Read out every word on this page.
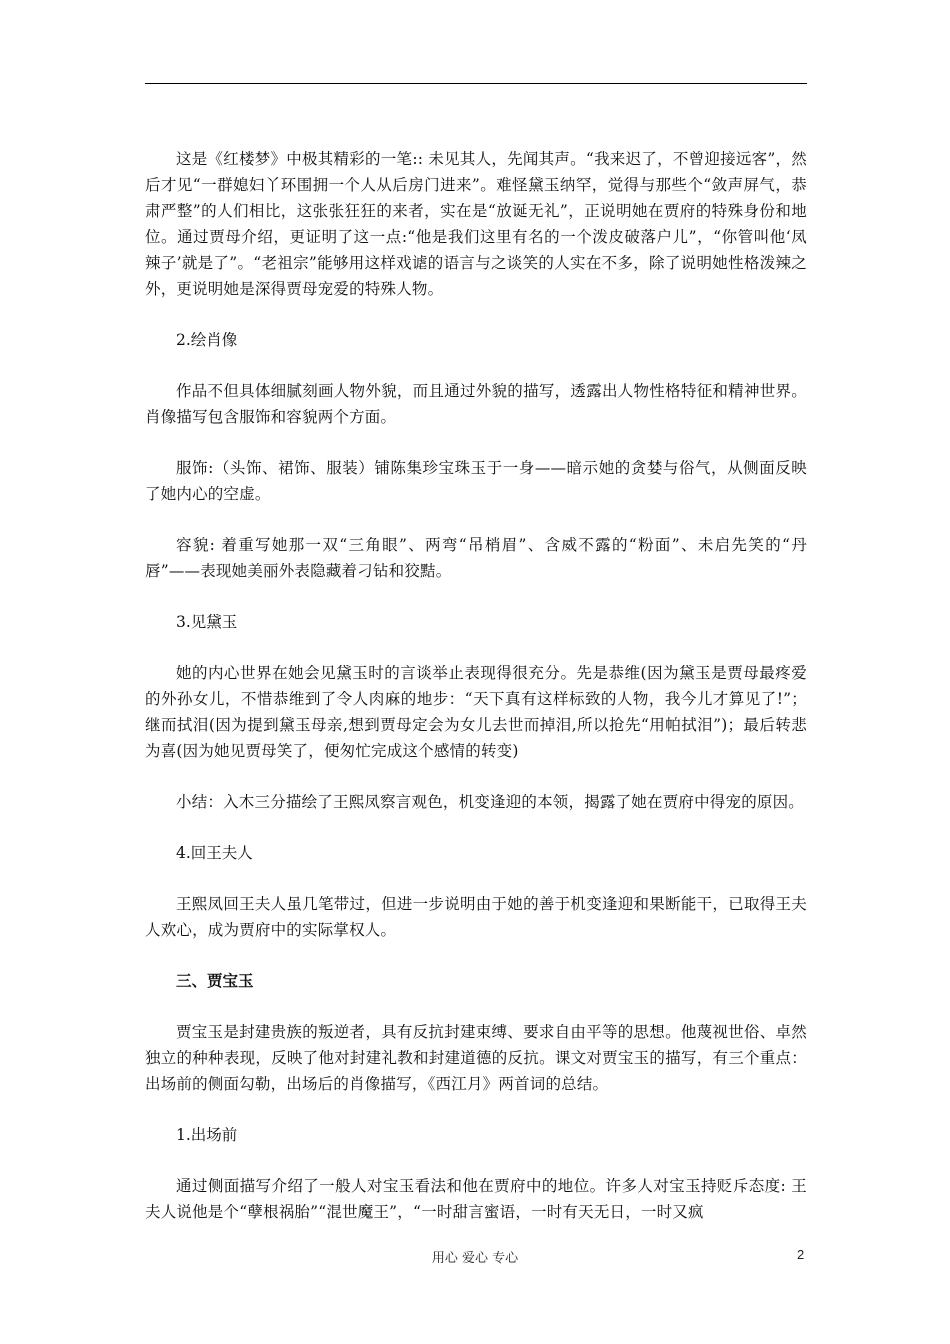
这是《红楼梦》中极其精彩的一笔:: 未见其人，先闻其声。“我来迟了，不曾迎接远客”，然后才见“一群媳妇丫环围拥一个人从后房门进来”。难怪黛玉纳罕，觉得与那些个“敛声屏气，恭肃严整”的人们相比，这张张狂狂的来者，实在是“放诞无礼”，正说明她在贾府的特殊身份和地位。通过贾母介绍，更证明了这一点:“他是我们这里有名的一个泼皮破落户儿”，“你管叫他‘凤辣子’就是了”。“老祖宗”能够用这样戏谑的语言与之谈笑的人实在不多，除了说明她性格泼辣之外，更说明她是深得贾母宠爱的特殊人物。

2.绘肖像

作品不但具体细腻刻画人物外貌，而且通过外貌的描写，透露出人物性格特征和精神世界。肖像描写包含服饰和容貌两个方面。

服饰:（头饰、裙饰、服装）铺陈集珍宝珠玉于一身——暗示她的贪婪与俗气，从侧面反映了她内心的空虚。

容貌: 着重写她那一双“三角眼”、两弯“吊梢眉”、含威不露的“粉面”、未启先笑的“丹唇”——表现她美丽外表隐藏着刁钻和狡黠。

3.见黛玉

她的内心世界在她会见黛玉时的言谈举止表现得很充分。先是恭维(因为黛玉是贾母最疼爱的外孙女儿，不惜恭维到了令人肉麻的地步：“天下真有这样标致的人物，我今儿才算见了!”；继而拭泪(因为提到黛玉母亲,想到贾母定会为女儿去世而掉泪,所以抢先“用帕拭泪”)；最后转悲为喜(因为她见贾母笑了，便匆忙完成这个感情的转变)

小结：入木三分描绘了王熙凤察言观色，机变逢迎的本领，揭露了她在贾府中得宠的原因。

4.回王夫人

王熙凤回王夫人虽几笔带过，但进一步说明由于她的善于机变逢迎和果断能干，已取得王夫人欢心，成为贾府中的实际掌权人。

三、贾宝玉

贾宝玉是封建贵族的叛逆者，具有反抗封建束缚、要求自由平等的思想。他蔑视世俗、卓然独立的种种表现，反映了他对封建礼教和封建道德的反抗。课文对贾宝玉的描写，有三个重点：出场前的侧面勾勒，出场后的肖像描写，《西江月》两首词的总结。

1.出场前

通过侧面描写介绍了一般人对宝玉看法和他在贾府中的地位。许多人对宝玉持贬斥态度: 王夫人说他是个“孽根祸胎”“混世魔王”，“一时甜言蜜语，一时有天无日，一时又疯

用心 爱心 专心	2
